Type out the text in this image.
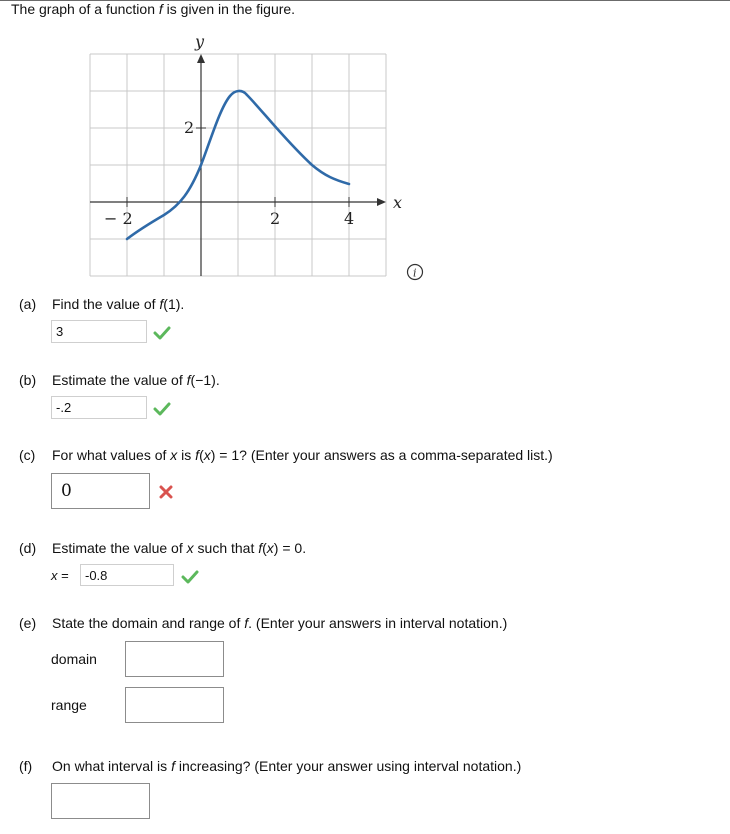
The graph of a function f is given in the figure.
y
x
2
− 2	2	4
i
(a) Find the value of f(1).
3
(b) Estimate the value of f(−1).
-.2
(c) For what values of x is f(x) = 1? (Enter your answers as a comma-separated list.)
0
(d) Estimate the value of x such that f(x) = 0.
x =	-0.8
(e) State the domain and range of f. (Enter your answers in interval notation.)
domain
range
(f) On what interval is f increasing? (Enter your answer using interval notation.)
